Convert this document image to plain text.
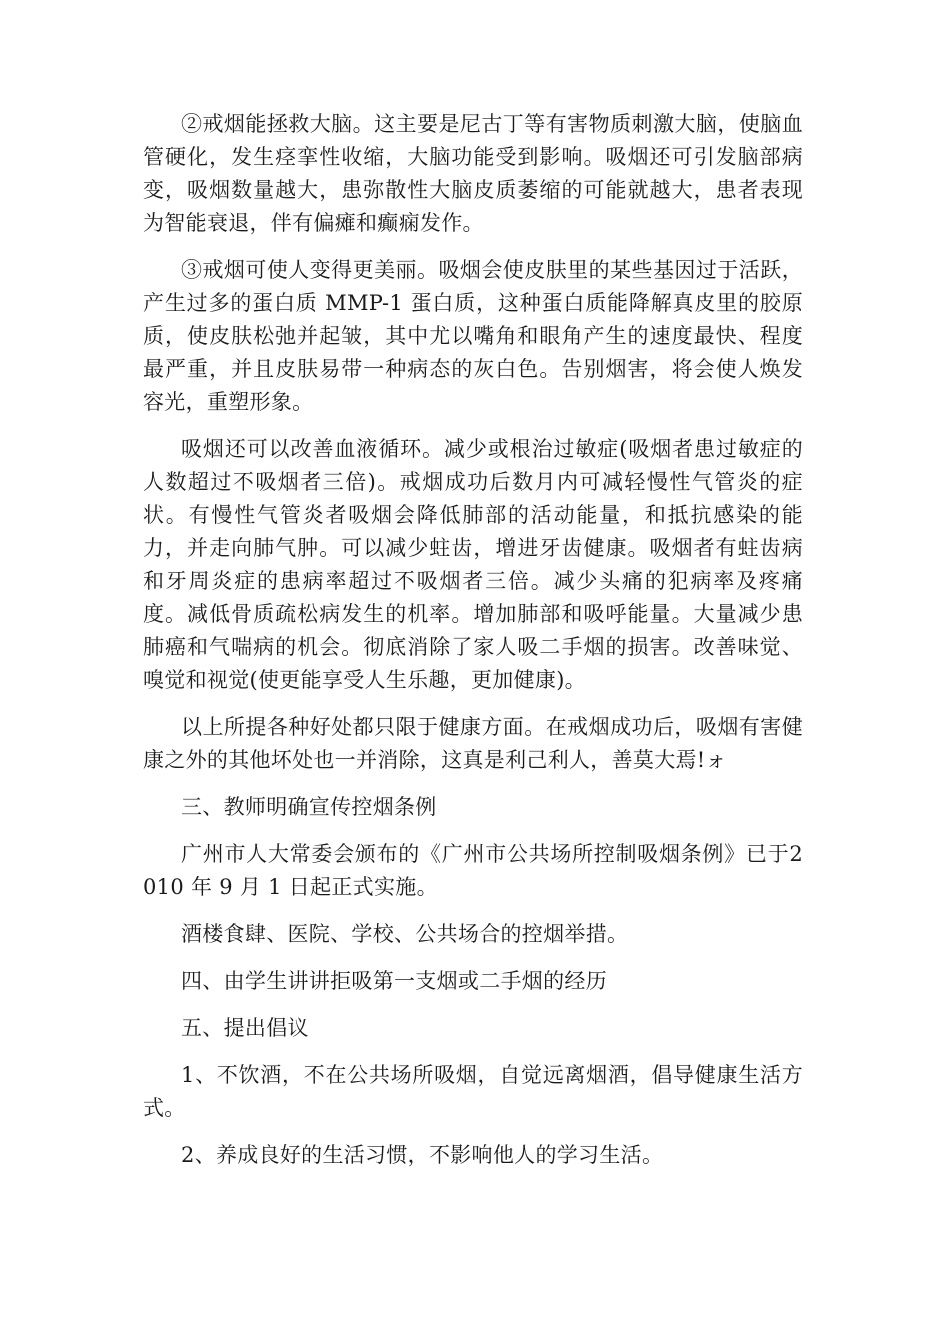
②戒烟能拯救大脑。这主要是尼古丁等有害物质刺激大脑，使脑血管硬化，发生痉挛性收缩，大脑功能受到影响。吸烟还可引发脑部病变，吸烟数量越大，患弥散性大脑皮质萎缩的可能就越大，患者表现为智能衰退，伴有偏瘫和癫痫发作。

③戒烟可使人变得更美丽。吸烟会使皮肤里的某些基因过于活跃，产生过多的蛋白质 MMP-1 蛋白质，这种蛋白质能降解真皮里的胶原质，使皮肤松弛并起皱，其中尤以嘴角和眼角产生的速度最快、程度最严重，并且皮肤易带一种病态的灰白色。告别烟害，将会使人焕发容光，重塑形象。

吸烟还可以改善血液循环。减少或根治过敏症(吸烟者患过敏症的人数超过不吸烟者三倍)。戒烟成功后数月内可减轻慢性气管炎的症状。有慢性气管炎者吸烟会降低肺部的活动能量，和抵抗感染的能力，并走向肺气肿。可以减少蛀齿，增进牙齿健康。吸烟者有蛀齿病和牙周炎症的患病率超过不吸烟者三倍。减少头痛的犯病率及疼痛度。减低骨质疏松病发生的机率。增加肺部和吸呼能量。大量减少患肺癌和气喘病的机会。彻底消除了家人吸二手烟的损害。改善味觉、嗅觉和视觉(使更能享受人生乐趣，更加健康)。

以上所提各种好处都只限于健康方面。在戒烟成功后，吸烟有害健康之外的其他坏处也一并消除，这真是利己利人，善莫大焉!ォ

三、教师明确宣传控烟条例

广州市人大常委会颁布的《广州市公共场所控制吸烟条例》已于2010 年 9 月 1 日起正式实施。

酒楼食肆、医院、学校、公共场合的控烟举措。

四、由学生讲讲拒吸第一支烟或二手烟的经历

五、提出倡议

1、不饮酒，不在公共场所吸烟，自觉远离烟酒，倡导健康生活方式。

2、养成良好的生活习惯，不影响他人的学习生活。
